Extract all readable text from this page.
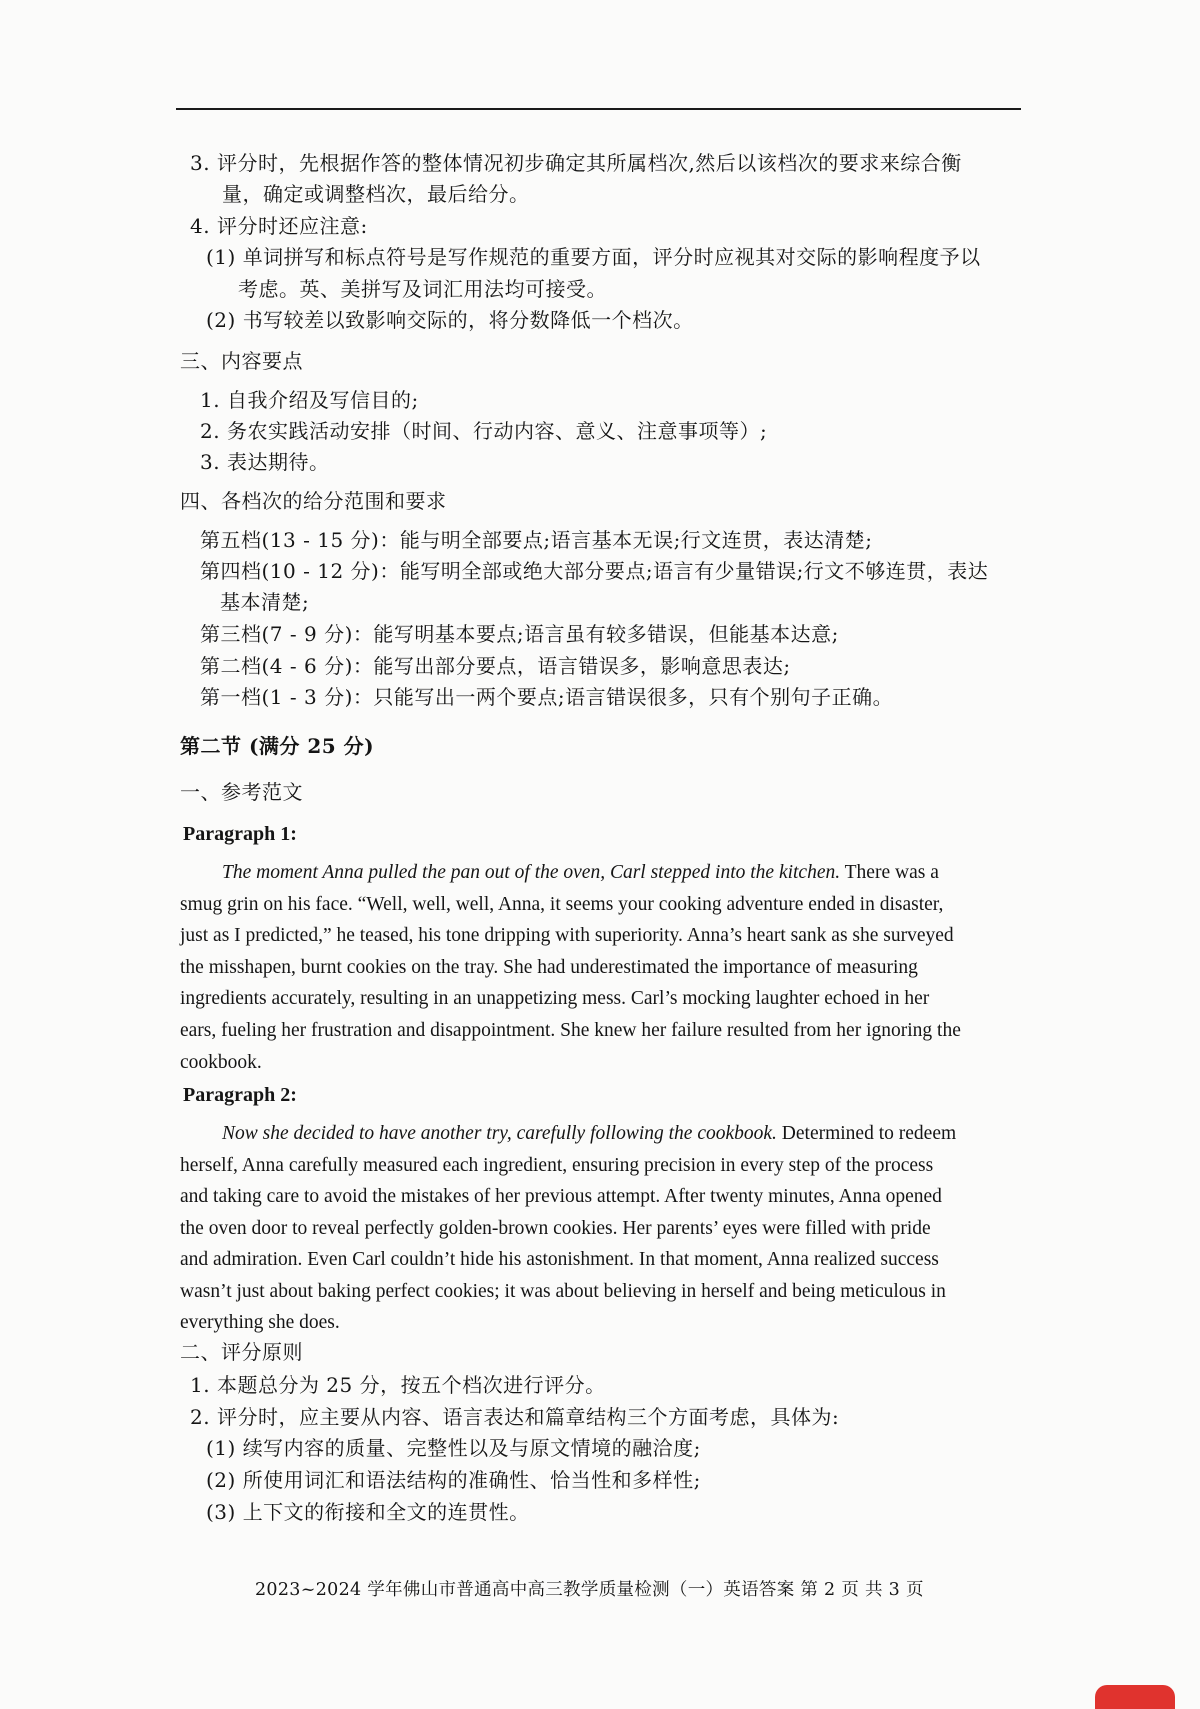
3. 评分时，先根据作答的整体情况初步确定其所属档次,然后以该档次的要求来综合衡
量，确定或调整档次，最后给分。
4. 评分时还应注意:
(1) 单词拼写和标点符号是写作规范的重要方面，评分时应视其对交际的影响程度予以
考虑。英、美拼写及词汇用法均可接受。
(2) 书写较差以致影响交际的，将分数降低一个档次。
三、内容要点
1. 自我介绍及写信目的;
2. 务农实践活动安排（时间、行动内容、意义、注意事项等）;
3. 表达期待。
四、各档次的给分范围和要求
第五档(13 - 15 分)：能与明全部要点;语言基本无误;行文连贯，表达清楚;
第四档(10 - 12 分)：能写明全部或绝大部分要点;语言有少量错误;行文不够连贯，表达
基本清楚;
第三档(7 - 9 分)：能写明基本要点;语言虽有较多错误，但能基本达意;
第二档(4 - 6 分)：能写出部分要点，语言错误多，影响意思表达;
第一档(1 - 3 分)：只能写出一两个要点;语言错误很多，只有个别句子正确。
第二节 (满分 25 分)
一、参考范文
Paragraph 1:
The moment Anna pulled the pan out of the oven, Carl stepped into the kitchen. There was a
smug grin on his face. “Well, well, well, Anna, it seems your cooking adventure ended in disaster,
just as I predicted,” he teased, his tone dripping with superiority. Anna’s heart sank as she surveyed
the misshapen, burnt cookies on the tray. She had underestimated the importance of measuring
ingredients accurately, resulting in an unappetizing mess. Carl’s mocking laughter echoed in her
ears, fueling her frustration and disappointment. She knew her failure resulted from her ignoring the
cookbook.
Paragraph 2:
Now she decided to have another try, carefully following the cookbook. Determined to redeem
herself, Anna carefully measured each ingredient, ensuring precision in every step of the process
and taking care to avoid the mistakes of her previous attempt. After twenty minutes, Anna opened
the oven door to reveal perfectly golden-brown cookies. Her parents’ eyes were filled with pride
and admiration. Even Carl couldn’t hide his astonishment. In that moment, Anna realized success
wasn’t just about baking perfect cookies; it was about believing in herself and being meticulous in
everything she does.
二、评分原则
1. 本题总分为 25 分，按五个档次进行评分。
2. 评分时，应主要从内容、语言表达和篇章结构三个方面考虑，具体为:
(1) 续写内容的质量、完整性以及与原文情境的融洽度;
(2) 所使用词汇和语法结构的准确性、恰当性和多样性;
(3) 上下文的衔接和全文的连贯性。
2023~2024 学年佛山市普通高中高三教学质量检测（一）英语答案 第 2 页 共 3 页
